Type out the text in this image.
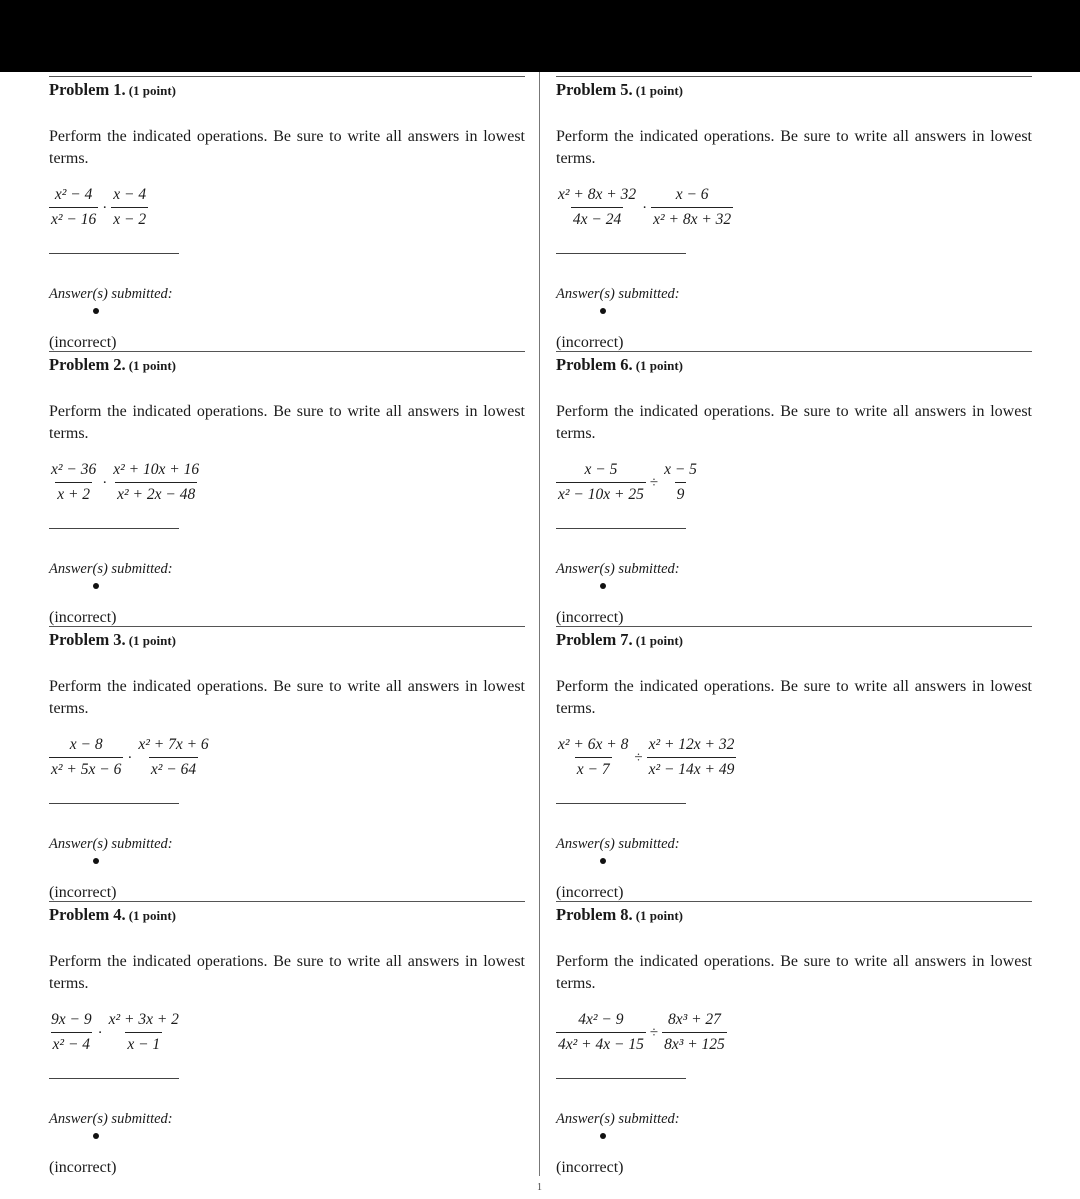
Problem 1. (1 point)
Perform the indicated operations. Be sure to write all answers in lowest terms.
$\frac{\text{x² − 4}}{\text{x² − 16}} \cdot \frac{x - 4}{x - 2}$
Answer(s) submitted:
(incorrect)
Problem 2. (1 point)
Perform the indicated operations. Be sure to write all answers in lowest terms.
$\frac{\text{x² − 36}}{x + 2} \cdot \frac{\text{x² + 10x + 16}}{\text{x² + 2x − 48}}$
Answer(s) submitted:
(incorrect)
Problem 3. (1 point)
Perform the indicated operations. Be sure to write all answers in lowest terms.
$\frac{x - 8}{\text{x² + 5x − 6}} \cdot \frac{\text{x² + 7x + 6}}{\text{x² − 64}}$
Answer(s) submitted:
(incorrect)
Problem 4. (1 point)
Perform the indicated operations. Be sure to write all answers in lowest terms.
$\frac{9x - 9}{\text{x² − 4}} \cdot \frac{\text{x² + 3x + 2}}{x - 1}$
Answer(s) submitted:
(incorrect)
Problem 5. (1 point)
Perform the indicated operations. Be sure to write all answers in lowest terms.
$\frac{\text{x² + 8x + 32}}{4x - 24} \cdot \frac{x - 6}{\text{x² + 8x + 32}}$
Answer(s) submitted:
(incorrect)
Problem 6. (1 point)
Perform the indicated operations. Be sure to write all answers in lowest terms.
$\frac{x - 5}{\text{x² − 10x + 25}} \div \frac{x - 5}{9}$
Answer(s) submitted:
(incorrect)
Problem 7. (1 point)
Perform the indicated operations. Be sure to write all answers in lowest terms.
$\frac{\text{x² + 6x + 8}}{x - 7} \div \frac{\text{x² + 12x + 32}}{\text{x² − 14x + 49}}$
Answer(s) submitted:
(incorrect)
Problem 8. (1 point)
Perform the indicated operations. Be sure to write all answers in lowest terms.
$\frac{\text{4x² − 9}}{\text{4x² + 4x − 15}} \div \frac{\text{8x³ + 27}}{\text{8x³ + 125}}$
Answer(s) submitted:
(incorrect)
1
